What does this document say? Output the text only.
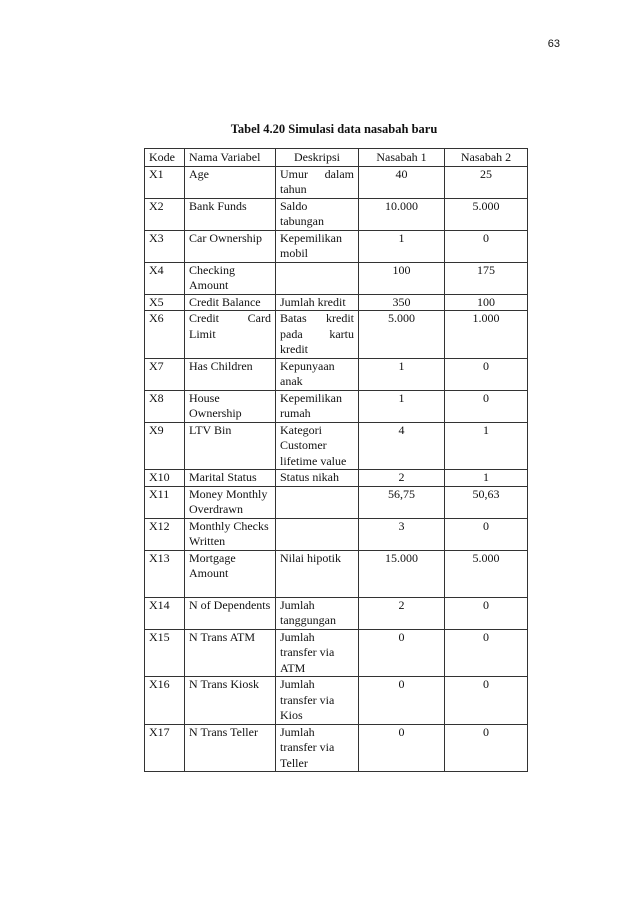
63
Tabel 4.20 Simulasi data nasabah baru
Kode	Nama Variabel	Deskripsi	Nasabah 1	Nasabah 2
X1	Age	Umur dalam tahun	40	25
X2	Bank Funds	Saldo tabungan	10.000	5.000
X3	Car Ownership	Kepemilikan mobil	1	0
X4	Checking Amount		100	175
X5	Credit Balance	Jumlah kredit	350	100
X6	Credit Card Limit	Batas kredit pada kartu kredit	5.000	1.000
X7	Has Children	Kepunyaan anak	1	0
X8	House Ownership	Kepemilikan rumah	1	0
X9	LTV Bin	Kategori Customer lifetime value	4	1
X10	Marital Status	Status nikah	2	1
X11	Money Monthly Overdrawn		56,75	50,63
X12	Monthly Checks Written		3	0
X13	Mortgage Amount	Nilai hipotik	15.000	5.000
X14	N of Dependents	Jumlah tanggungan	2	0
X15	N Trans ATM	Jumlah transfer via ATM	0	0
X16	N Trans Kiosk	Jumlah transfer via Kios	0	0
X17	N Trans Teller	Jumlah transfer via Teller	0	0
